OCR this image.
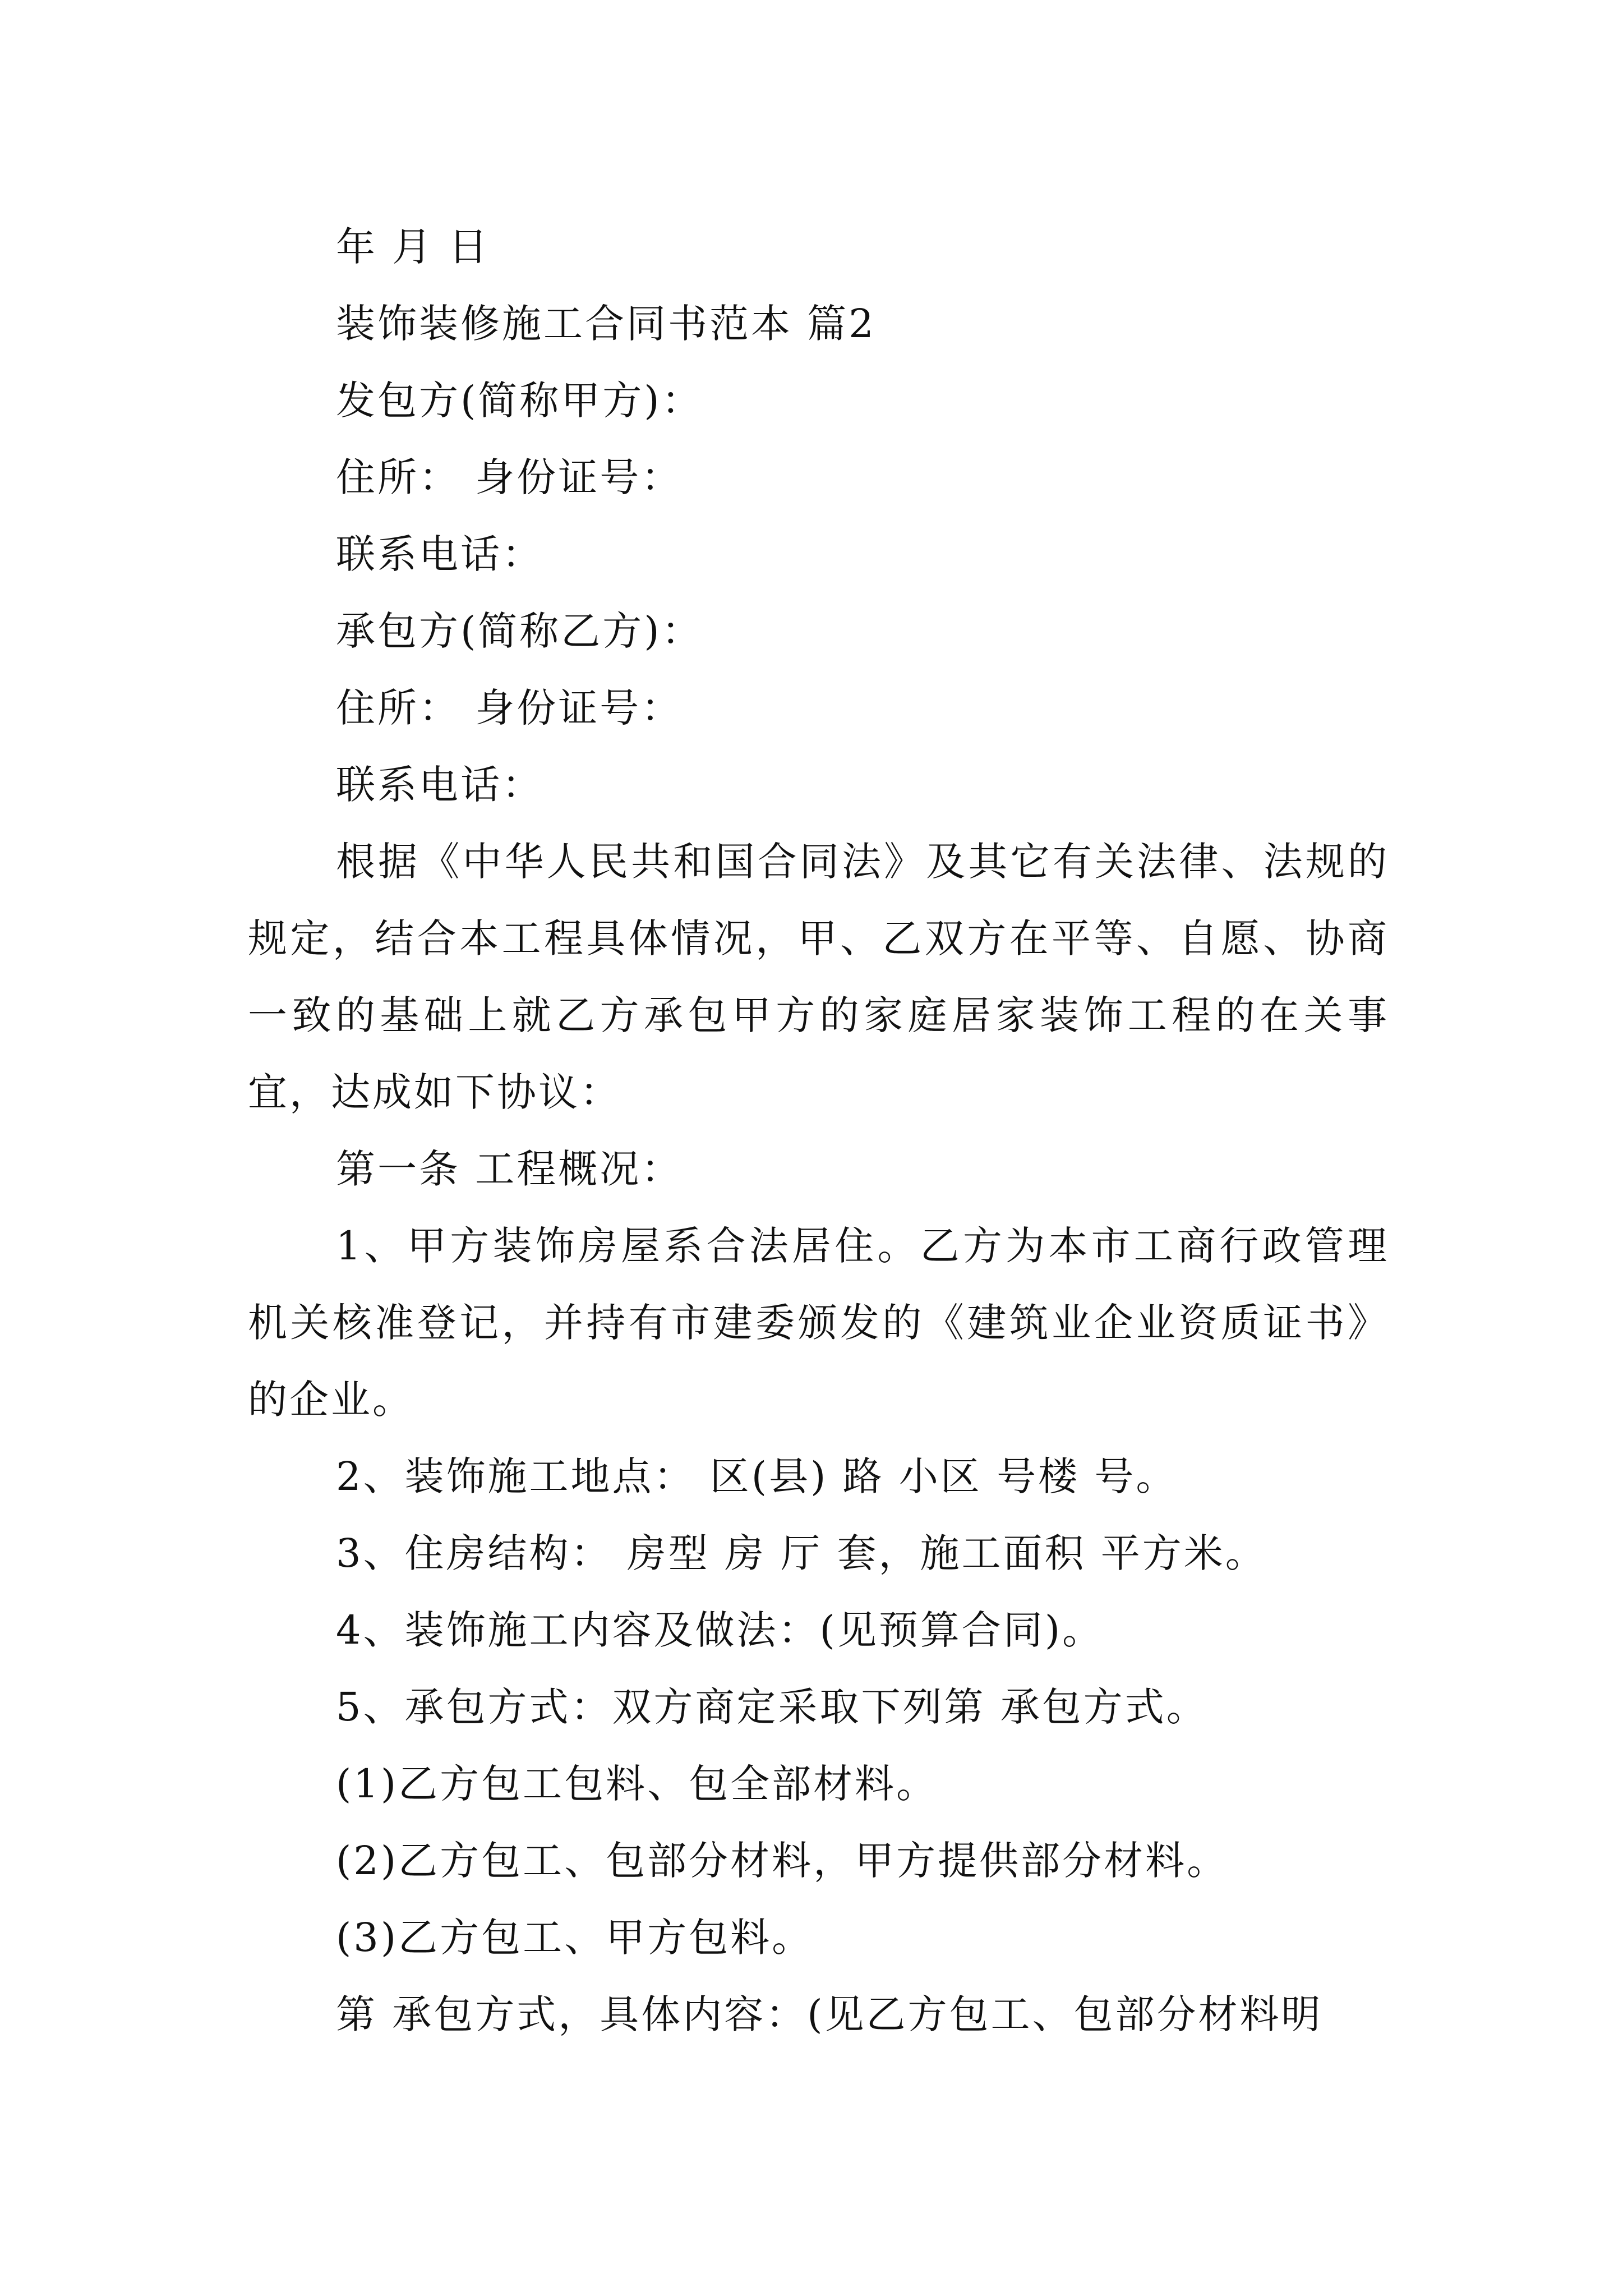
年 月 日
装饰装修施工合同书范本 篇2
发包方(简称甲方)：
住所： 身份证号：
联系电话：
承包方(简称乙方)：
住所： 身份证号：
联系电话：

根据《中华人民共和国合同法》及其它有关法律、法规的规定，结合本工程具体情况，甲、乙双方在平等、自愿、协商一致的基础上就乙方承包甲方的家庭居家装饰工程的在关事宜，达成如下协议：

第一条 工程概况：

1、甲方装饰房屋系合法居住。乙方为本市工商行政管理机关核准登记，并持有市建委颁发的《建筑业企业资质证书》的企业。

2、装饰施工地点： 区(县) 路 小区 号楼 号。
3、住房结构： 房型 房 厅 套，施工面积 平方米。
4、装饰施工内容及做法：(见预算合同)。
5、承包方式：双方商定采取下列第 承包方式。
(1)乙方包工包料、包全部材料。
(2)乙方包工、包部分材料，甲方提供部分材料。
(3)乙方包工、甲方包料。
第 承包方式，具体内容：(见乙方包工、包部分材料明
